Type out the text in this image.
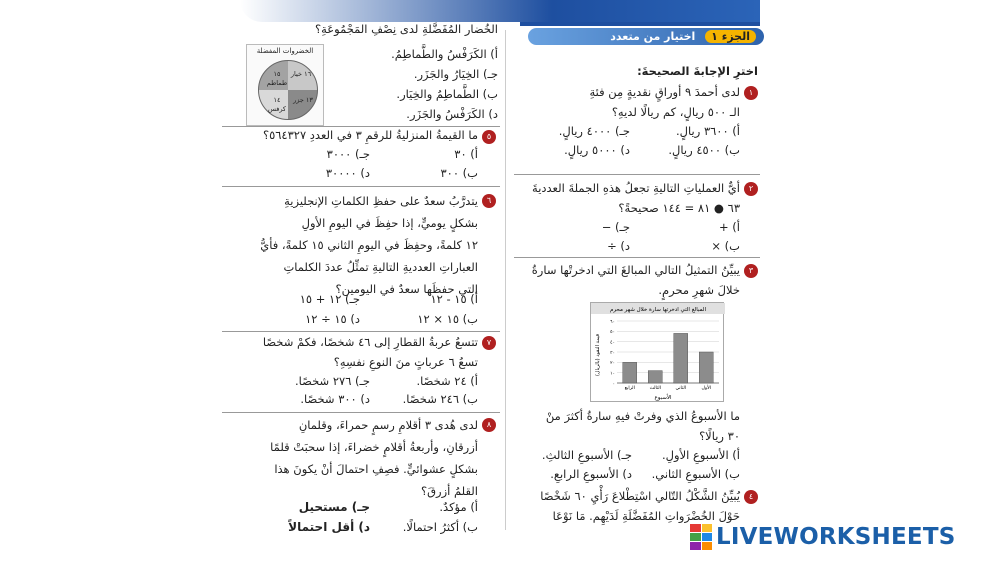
الجزء ١ اختيار من متعدد
الخُضار المُفَضَّلةِ لدى نِصْفِ المَجْمُوعَةِ؟
أ) الكَرَفْسُ والطَّماطِمُ.
جـ) الخِيَارُ والجَزَر.
ب) الطَّماطِمُ والخِيَار.
د) الكَرَفْسُ والجَزَر.
الخضروات المفضلة
١٥ طماطم
١٦ خيار
١٤ كرفس
١٣ جزر
٥
ما القيمةُ المنزليةُ للرقمِ ٣ في العددِ ٥٦٤٣٢٧؟
أ) ٣٠
جـ) ٣٠٠٠
ب) ٣٠٠
د) ٣٠٠٠٠
٦
يتدرَّبُ سعدٌ على حفظِ الكلماتِ الإنجليزيةِ
بشكلٍ يوميٍّ، إذا حفِظَ في اليومِ الأولِ
١٢ كلمةً، وحفِظَ في اليومِ الثاني ١٥ كلمةً، فأيُّ
العباراتِ العدديةِ التاليةِ تمثِّلُ عددَ الكلماتِ
التي حفظَها سعدٌ في اليومين؟
أ) ١٥ - ١٢
جـ) ١٢ + ١٥
ب) ١٥ × ١٢
د) ١٥ ÷ ١٢
٧
تتسعُ عربةُ القطارِ إلى ٤٦ شخصًا، فكمْ شخصًا
تسعُ ٦ عرباتٍ منَ النوعِ نفسِهِ؟
أ) ٢٤ شخصًا.
جـ) ٢٧٦ شخصًا.
ب) ٢٤٦ شخصًا.
د) ٣٠٠ شخصًا.
٨
لدى هُدى ٣ أقلامِ رسمٍ حمراءَ، وقلمانِ
أزرقانِ، وأربعةُ أقلامٍ خضراءَ، إذا سحبَتْ قلمًا
بشكلٍ عشوائيٍّ. فصِفِ احتمالَ أنْ يكونَ هذا
القلمُ أزرقَ؟
أ) مؤكدٌ.
جـ) مستحيل
ب) أكثرُ احتمالًا.
د) أقل احتمالاً
اخترِ الإجابةَ الصحيحةَ:
١
لدى أحمدَ ٩ أوراقٍ نقديةٍ مِن فئةِ
الـ ٥٠٠ ريالٍ، كم ريالًا لديهِ؟
أ) ٣٦٠٠ ريالٍ.
جـ) ٤٠٠٠ ريالٍ.
ب) ٤٥٠٠ ريالٍ.
د) ٥٠٠٠ ريالٍ.
٢
أيٌّ العملياتِ التاليةِ تجعلُ هذهِ الجملةَ العدديةَ
٦٣ ● ٨١ = ١٤٤ صحيحةً؟
أ) +
جـ) −
ب) ×
د) ÷
٣
يبيِّنُ التمثيلُ التالي المبالغَ التي ادخرتْها سارةُ
خلالَ شهرِ محرمٍ.
المبالغ التي ادخرتها سارة خلال شهر محرم
قيمة النقود (بالريال)
الأسبوع
٠
١٠
٢٠
٣٠
٤٠
٥٠
٦٠
الأول
الثاني
الثالث
الرابع
ما الأسبوعُ الذي وفرتْ فيهِ سارةُ أكثرَ منْ
٣٠ ريالًا؟
أ) الأسبوعِ الأولِ.
جـ) الأسبوعِ الثالثِ.
ب) الأسبوعِ الثاني.
د) الأسبوعِ الرابعِ.
٤
يُبيِّنُ الشَّكْلُ التّالي اسْتِطْلاعَ رَأْيِ ٦٠ شَخْصًا
حَوْلَ الخُضْرَواتِ المُفَضَّلَةِ لَدَيْهِم. مَا نَوْعَا
LIVEWORKSHEETS
